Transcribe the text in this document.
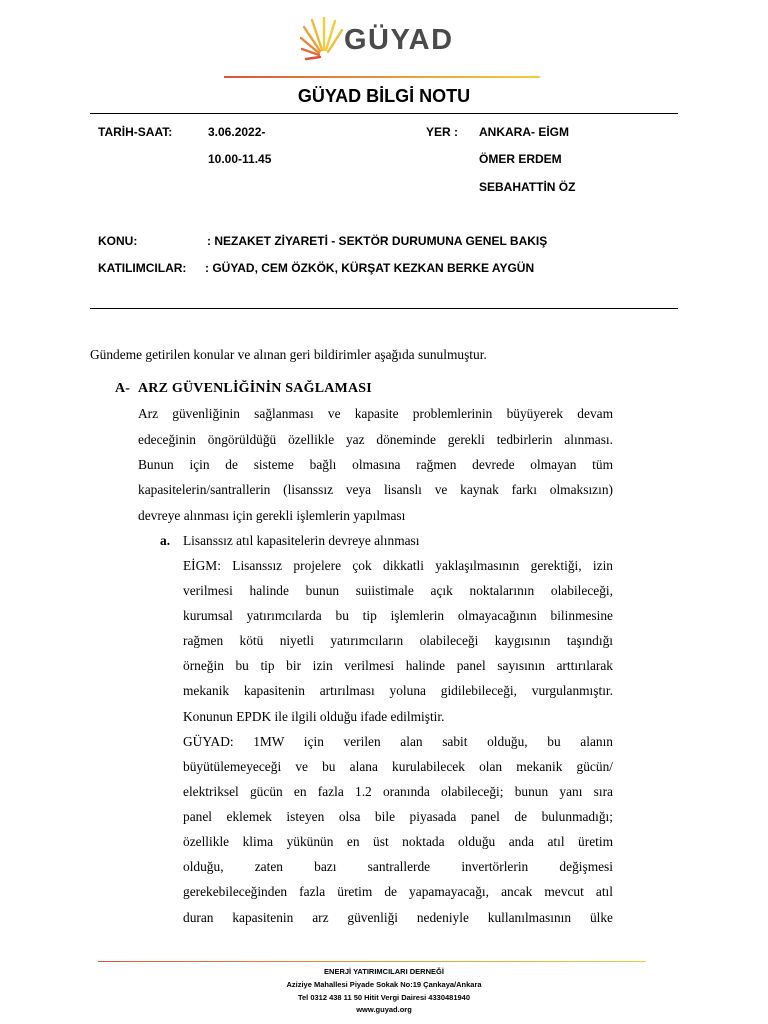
GÜYAD
GÜYAD BİLGİ NOTU
TARİH-SAAT:	3.06.2022-
10.00-11.45
YER : ANKARA- EİGM
ÖMER ERDEM
SEBAHATTİN ÖZ
KONU:	: NEZAKET ZİYARETİ - SEKTÖR DURUMUNA GENEL BAKIŞ
KATILIMCILAR: : GÜYAD, CEM ÖZKÖK, KÜRŞAT KEZKAN BERKE AYGÜN
Gündeme getirilen konular ve alınan geri bildirimler aşağıda sunulmuştur.
A- ARZ GÜVENLİĞİNİN SAĞLAMASI
Arz güvenliğinin sağlanması ve kapasite problemlerinin büyüyerek devam
edeceğinin öngörüldüğü özellikle yaz döneminde gerekli tedbirlerin alınması.
Bunun için de sisteme bağlı olmasına rağmen devrede olmayan tüm
kapasitelerin/santrallerin (lisanssız veya lisanslı ve kaynak farkı olmaksızın)
devreye alınması için gerekli işlemlerin yapılması
a. Lisanssız atıl kapasitelerin devreye alınması
EİGM: Lisanssız projelere çok dikkatli yaklaşılmasının gerektiği, izin
verilmesi halinde bunun suiistimale açık noktalarının olabileceği,
kurumsal yatırımcılarda bu tip işlemlerin olmayacağının bilinmesine
rağmen kötü niyetli yatırımcıların olabileceği kaygısının taşındığı
örneğin bu tip bir izin verilmesi halinde panel sayısının arttırılarak
mekanik kapasitenin artırılması yoluna gidilebileceği, vurgulanmıştır.
Konunun EPDK ile ilgili olduğu ifade edilmiştir.
GÜYAD: 1MW için verilen alan sabit olduğu, bu alanın
büyütülemeyeceği ve bu alana kurulabilecek olan mekanik gücün/
elektriksel gücün en fazla 1.2 oranında olabileceği; bunun yanı sıra
panel eklemek isteyen olsa bile piyasada panel de bulunmadığı;
özellikle klima yükünün en üst noktada olduğu anda atıl üretim
olduğu, zaten bazı santrallerde invertörlerin değişmesi
gerekebileceğinden fazla üretim de yapamayacağı, ancak mevcut atıl
duran kapasitenin arz güvenliği nedeniyle kullanılmasının ülke
ENERJİ YATIRIMCILARI DERNEĞİ
Aziziye Mahallesi Piyade Sokak No:19 Çankaya/Ankara
Tel 0312 438 11 50 Hitit Vergi Dairesi 4330481940
www.guyad.org
